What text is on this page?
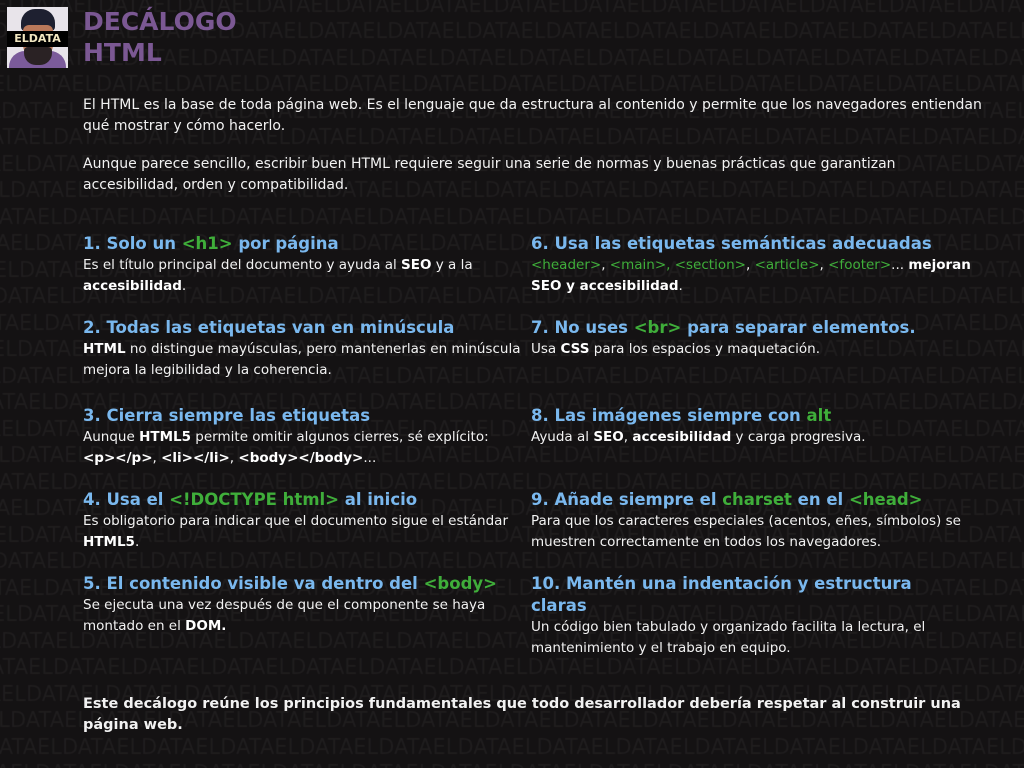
ELDATA
DECÁLOGO
HTML
El HTML es la base de toda página web. Es el lenguaje que da estructura al contenido y permite que los navegadores entiendan qué mostrar y cómo hacerlo.
Aunque parece sencillo, escribir buen HTML requiere seguir una serie de normas y buenas prácticas que garantizan accesibilidad, orden y compatibilidad.
1. Solo un <h1> por página

Es el título principal del documento y ayuda al SEO y a la accesibilidad.

2. Todas las etiquetas van en minúscula

HTML no distingue mayúsculas, pero mantenerlas en minúscula mejora la legibilidad y la coherencia.

3. Cierra siempre las etiquetas

Aunque HTML5 permite omitir algunos cierres, sé explícito: <p></p>, <li></li>, <body></body>...

4. Usa el <!DOCTYPE html> al inicio

Es obligatorio para indicar que el documento sigue el estándar HTML5.

5. El contenido visible va dentro del <body>

Se ejecuta una vez después de que el componente se haya montado en el DOM.

6. Usa las etiquetas semánticas adecuadas

<header>, <main>, <section>, <article>, <footer>... mejoran SEO y accesibilidad.

7. No uses <br> para separar elementos.

Usa CSS para los espacios y maquetación.

8. Las imágenes siempre con alt

Ayuda al SEO, accesibilidad y carga progresiva.

9. Añade siempre el charset en el <head>

Para que los caracteres especiales (acentos, eñes, símbolos) se muestren correctamente en todos los navegadores.

10. Mantén una indentación y estructura claras

Un código bien tabulado y organizado facilita la lectura, el mantenimiento y el trabajo en equipo.

Este decálogo reúne los principios fundamentales que todo desarrollador debería respetar al construir una página web.
